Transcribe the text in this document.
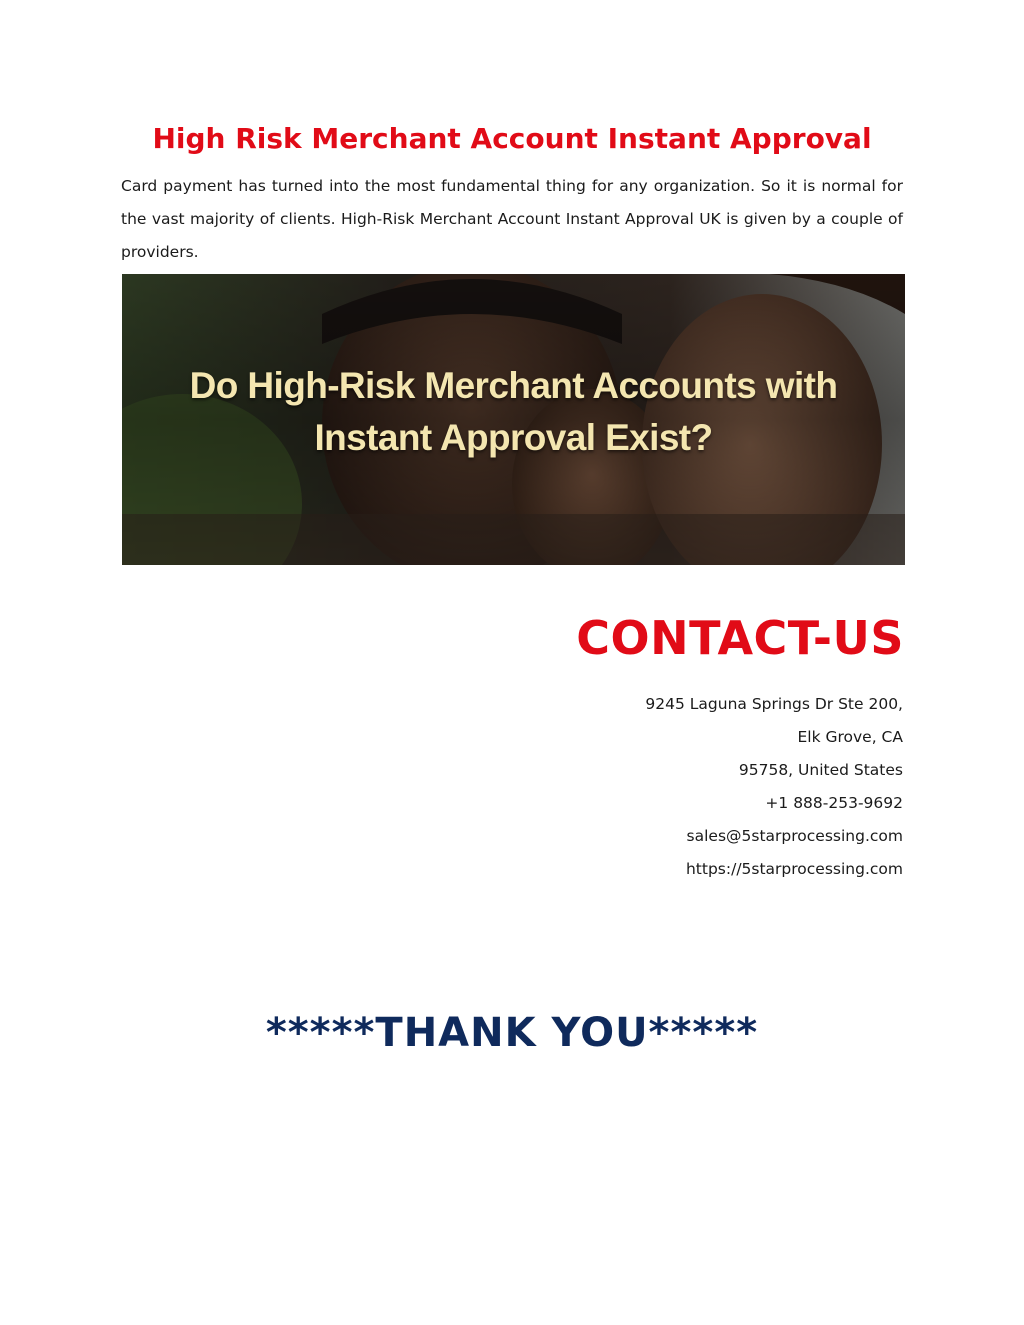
High Risk Merchant Account Instant Approval

Card payment has turned into the most fundamental thing for any organization. So it is normal for the vast majority of clients. High-Risk Merchant Account Instant Approval UK is given by a couple of providers.

Do High-Risk Merchant Accounts with
Instant Approval Exist?
CONTACT-US
9245 Laguna Springs Dr Ste 200,
Elk Grove, CA
95758, United States
+1 888-253-9692
sales@5starprocessing.com
https://5starprocessing.com
*****THANK YOU*****
